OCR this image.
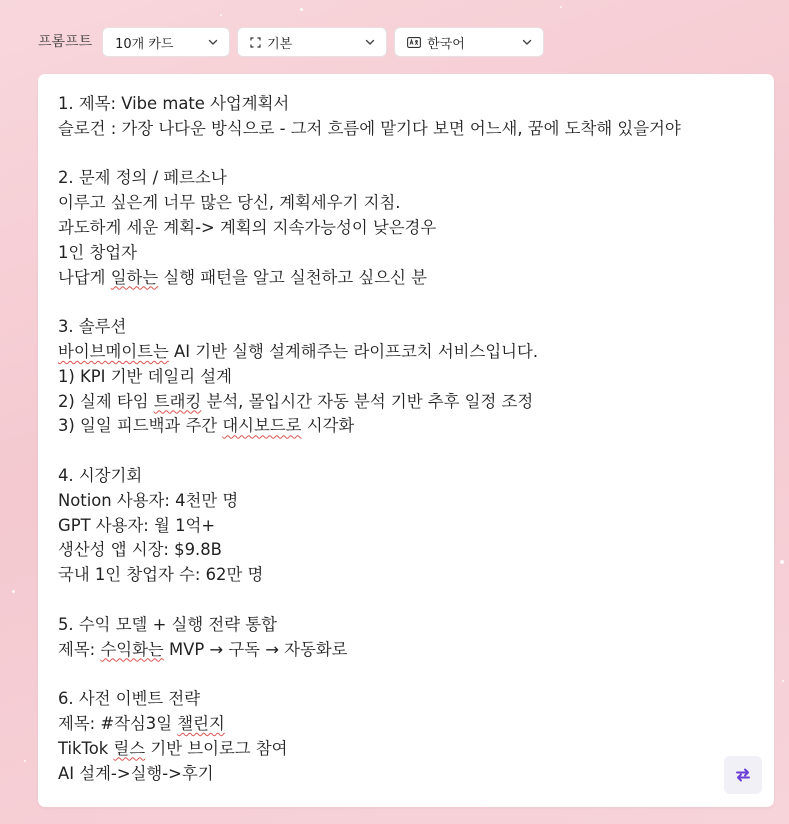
프롬프트 10개 카드	기본	한국어
1. 제목: Vibe mate 사업계획서
슬로건 : 가장 나다운 방식으로 - 그저 흐름에 맡기다 보면 어느새, 꿈에 도착해 있을거야
2. 문제 정의 / 페르소나
이루고 싶은게 너무 많은 당신, 계획세우기 지침.
과도하게 세운 계획-> 계획의 지속가능성이 낮은경우
1인 창업자
나답게 일하는 실행 패턴을 알고 실천하고 싶으신 분
3. 솔루션
바이브메이트는 AI 기반 실행 설계해주는 라이프코치 서비스입니다.
1) KPI 기반 데일리 설계
2) 실제 타임 트래킹 분석, 몰입시간 자동 분석 기반 추후 일정 조정
3) 일일 피드백과 주간 대시보드로 시각화
4. 시장기회
Notion 사용자: 4천만 명
GPT 사용자: 월 1억+
생산성 앱 시장: $9.8B
국내 1인 창업자 수: 62만 명
5. 수익 모델 + 실행 전략 통합
제목: 수익화는 MVP → 구독 → 자동화로
6. 사전 이벤트 전략
제목: #작심3일 챌린지
TikTok 릴스 기반 브이로그 참여
AI 설계->실행->후기
